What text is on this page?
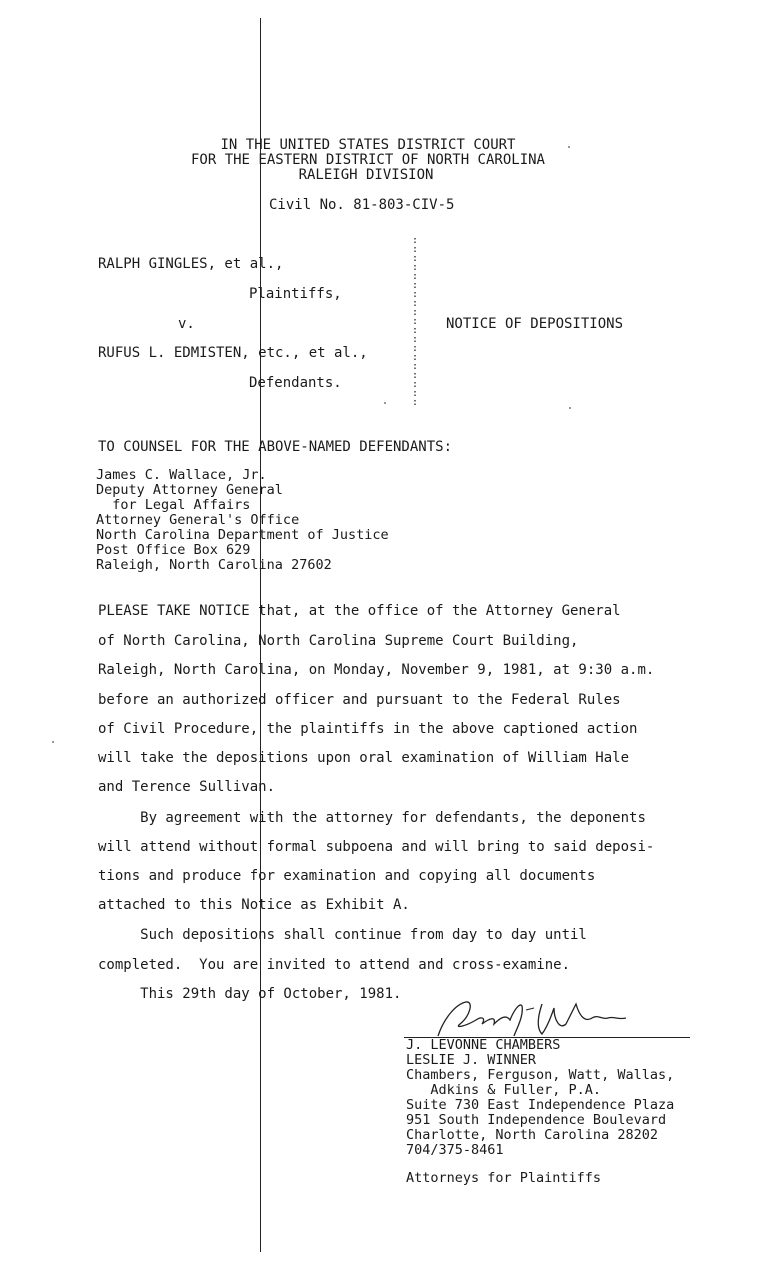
IN THE UNITED STATES DISTRICT COURT
FOR THE EASTERN DISTRICT OF NORTH CAROLINA
RALEIGH DIVISION
Civil No. 81-803-CIV-5
RALPH GINGLES, et al.,
Plaintiffs,
v.
RUFUS L. EDMISTEN, etc., et al.,
Defendants.
NOTICE OF DEPOSITIONS
:
:
:
:
:
:
:
:
:
:
:
:
:
:
:
:
:
:
:
TO COUNSEL FOR THE ABOVE-NAMED DEFENDANTS:
James C. Wallace, Jr.
Deputy Attorney General
for Legal Affairs
Attorney General's Office
North Carolina Department of Justice
Post Office Box 629
Raleigh, North Carolina 27602
PLEASE TAKE NOTICE that, at the office of the Attorney General
of North Carolina, North Carolina Supreme Court Building,
Raleigh, North Carolina, on Monday, November 9, 1981, at 9:30 a.m.
before an authorized officer and pursuant to the Federal Rules
of Civil Procedure, the plaintiffs in the above captioned action
will take the depositions upon oral examination of William Hale
and Terence Sullivan.
By agreement with the attorney for defendants, the deponents
will attend without formal subpoena and will bring to said deposi-
tions and produce for examination and copying all documents
attached to this Notice as Exhibit A.
Such depositions shall continue from day to day until
completed.  You are invited to attend and cross-examine.
This 29th day of October, 1981.
J. LEVONNE CHAMBERS
LESLIE J. WINNER
Chambers, Ferguson, Watt, Wallas,
Adkins & Fuller, P.A.
Suite 730 East Independence Plaza
951 South Independence Boulevard
Charlotte, North Carolina 28202
704/375-8461
Attorneys for Plaintiffs
